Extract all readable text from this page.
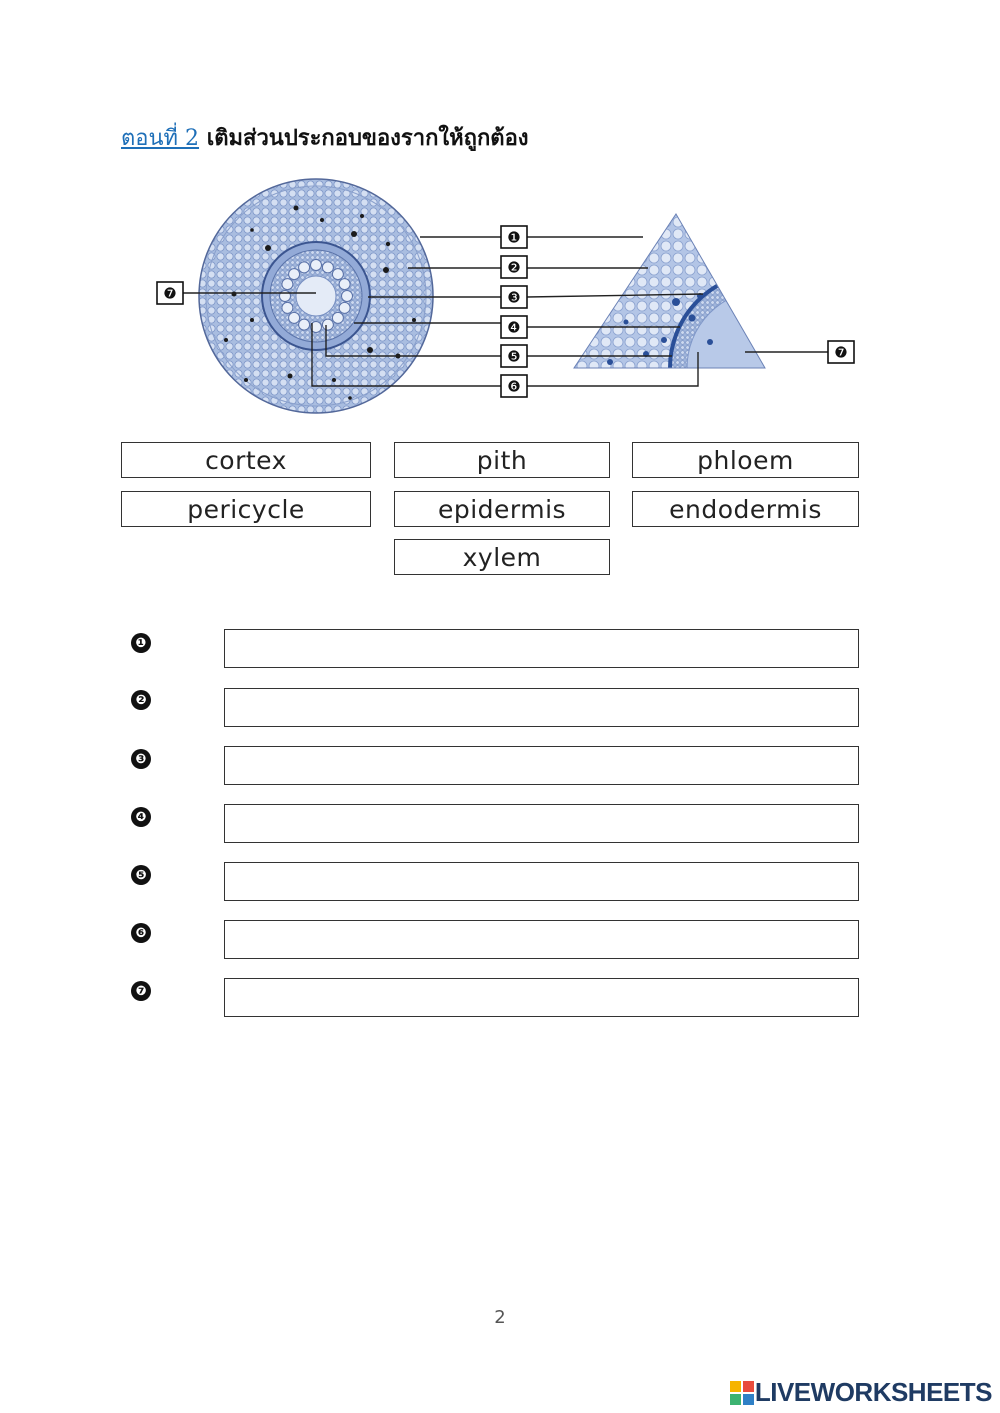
ตอนที่ 2 เติมส่วนประกอบของรากให้ถูกต้อง
❶
❷
❸
❹
❺
❻
❼
❼
cortex	pith	phloem
pericycle	epidermis	endodermis
xylem
❶
❷
❸
❹
❺
❻
❼
2
LIVEWORKSHEETS
